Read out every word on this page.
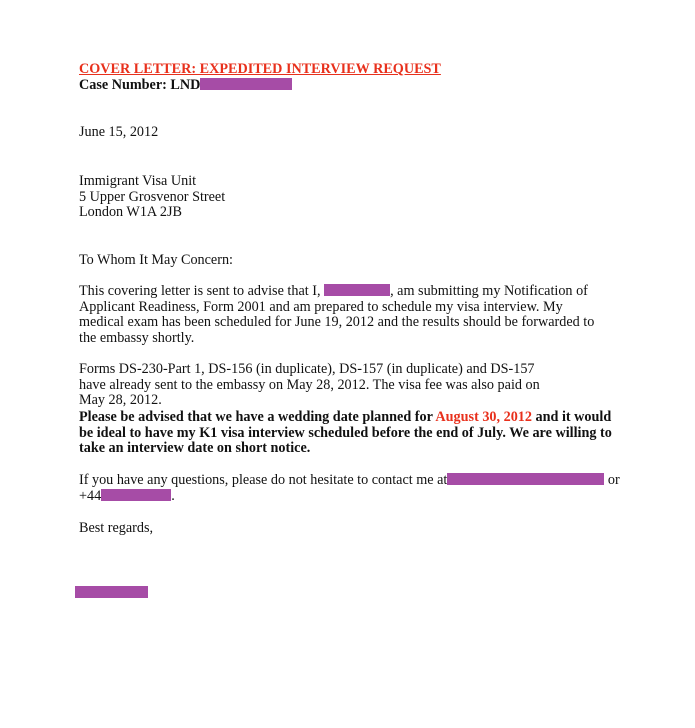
COVER LETTER: EXPEDITED INTERVIEW REQUEST
Case Number: LND
June 15, 2012
Immigrant Visa Unit
5 Upper Grosvenor Street
London W1A 2JB
To Whom It May Concern:
This covering letter is sent to advise that I,	, am submitting my Notification of Applicant Readiness, Form 2001 and am prepared to schedule my visa interview. My medical exam has been scheduled for June 19, 2012 and the results should be forwarded to the embassy shortly.
Forms DS-230-Part 1, DS-156 (in duplicate), DS-157 (in duplicate) and DS-157 have already sent to the embassy on May 28, 2012. The visa fee was also paid on May 28, 2012.
Please be advised that we have a wedding date planned for August 30, 2012 and it would be ideal to have my K1 visa interview scheduled before the end of July. We are willing to take an interview date on short notice.
If you have any questions, please do not hesitate to contact me at	or
+44	.
Best regards,
